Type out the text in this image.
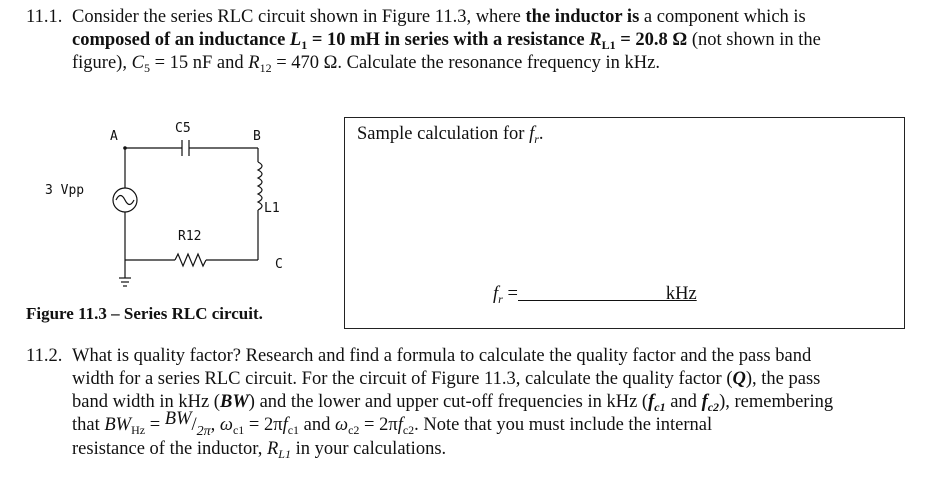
11.1. Consider the series RLC circuit shown in Figure 11.3, where the inductor is a component which is
composed of an inductance $L_1 = 10$ mH in series with a resistance $R_{L1} = 20.8$ Ω (not shown in the
figure), $C_5 = 15$ nF and $R_{12} = 470$ Ω. Calculate the resonance frequency in kHz.
A
C5
B
3 Vpp
L1
R12
C
Figure 11.3 – Series RLC circuit.
Sample calculation for $f_r$.
$f_r$ =	kHz
11.2. What is quality factor? Research and find a formula to calculate the quality factor and the pass band
width for a series RLC circuit. For the circuit of Figure 11.3, calculate the quality factor (Q), the pass
band width in kHz (BW) and the lower and upper cut-off frequencies in kHz ($f_{c1}$ and $f_{c2}$), remembering
that $BW_{Hz} = BW/_{2\pi}$, $\omega_{c1} = 2\pi f_{c1}$ and $\omega_{c2} = 2\pi f_{c2}$. Note that you must include the internal
resistance of the inductor, $R_{L1}$ in your calculations.
